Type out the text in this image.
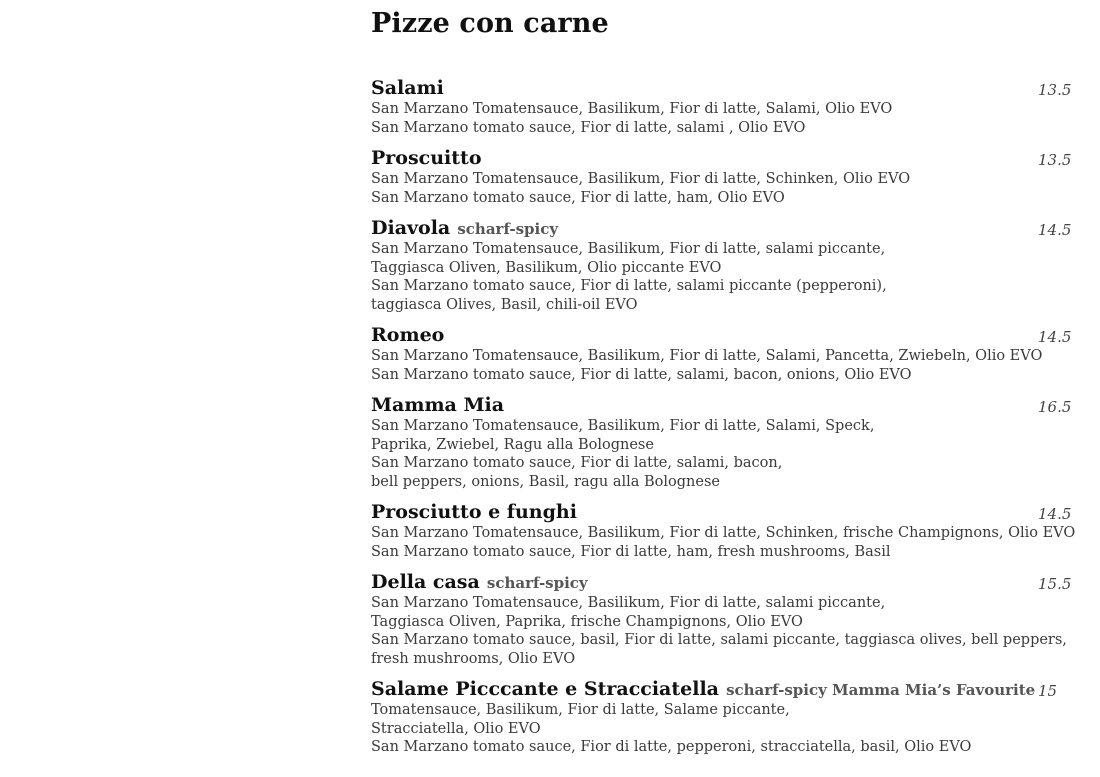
Pizze con carne
Salami	13.5
San Marzano Tomatensauce, Basilikum, Fior di latte, Salami, Olio EVO
San Marzano tomato sauce, Fior di latte, salami , Olio EVO
Proscuitto	13.5
San Marzano Tomatensauce, Basilikum, Fior di latte, Schinken, Olio EVO
San Marzano tomato sauce, Fior di latte, ham, Olio EVO
Diavola scharf-spicy	14.5
San Marzano Tomatensauce, Basilikum, Fior di latte, salami piccante,
Taggiasca Oliven, Basilikum, Olio piccante EVO
San Marzano tomato sauce, Fior di latte, salami piccante (pepperoni),
taggiasca Olives, Basil, chili-oil EVO
Romeo	14.5
San Marzano Tomatensauce, Basilikum, Fior di latte, Salami, Pancetta, Zwiebeln, Olio EVO
San Marzano tomato sauce, Fior di latte, salami, bacon, onions, Olio EVO
Mamma Mia	16.5
San Marzano Tomatensauce, Basilikum, Fior di latte, Salami, Speck,
Paprika, Zwiebel, Ragu alla Bolognese
San Marzano tomato sauce, Fior di latte, salami, bacon,
bell peppers, onions, Basil, ragu alla Bolognese
Prosciutto e funghi	14.5
San Marzano Tomatensauce, Basilikum, Fior di latte, Schinken, frische Champignons, Olio EVO
San Marzano tomato sauce, Fior di latte, ham, fresh mushrooms, Basil
Della casa scharf-spicy	15.5
San Marzano Tomatensauce, Basilikum, Fior di latte, salami piccante,
Taggiasca Oliven, Paprika, frische Champignons, Olio EVO
San Marzano tomato sauce, basil, Fior di latte, salami piccante, taggiasca olives, bell peppers,
fresh mushrooms, Olio EVO
Salame Picccante e Stracciatella scharf-spicy Mamma Mia’s Favourite 15
Tomatensauce, Basilikum, Fior di latte, Salame piccante,
Stracciatella, Olio EVO
San Marzano tomato sauce, Fior di latte, pepperoni, stracciatella, basil, Olio EVO
